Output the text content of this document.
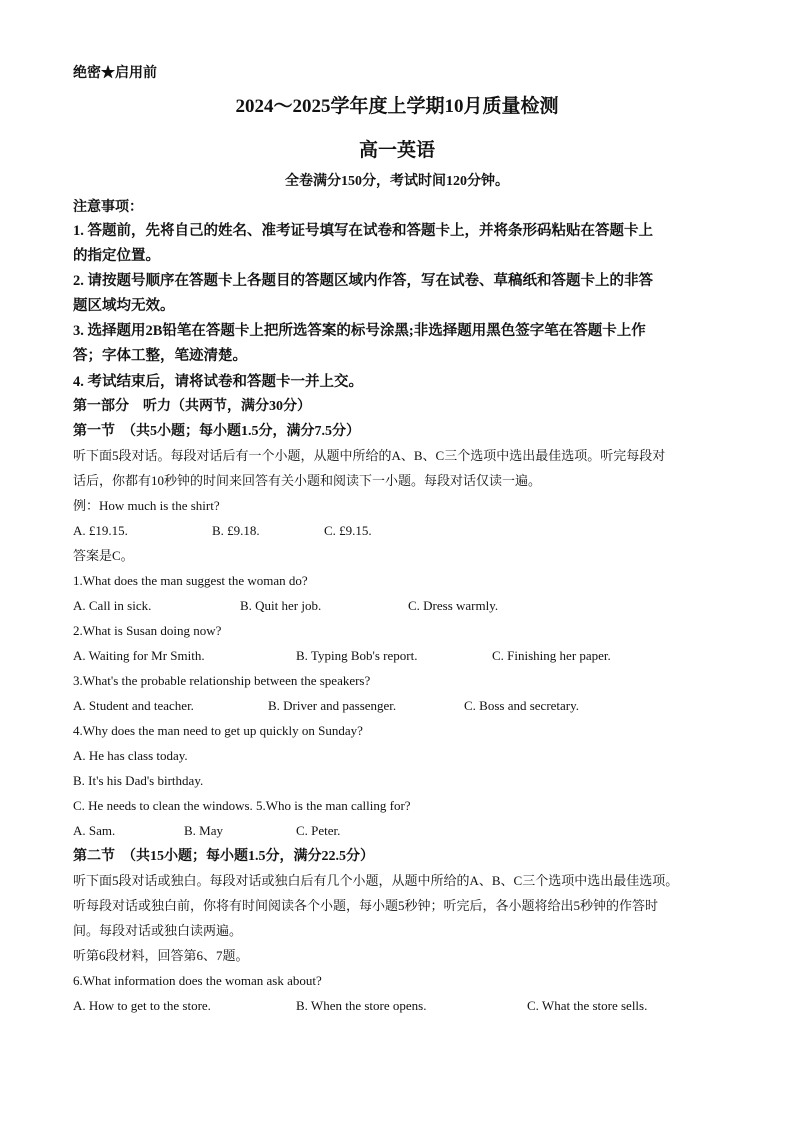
绝密★启用前
2024～2025学年度上学期10月质量检测
高一英语
全卷满分150分，考试时间120分钟。
注意事项：
1. 答题前，先将自己的姓名、准考证号填写在试卷和答题卡上，并将条形码粘贴在答题卡上
的指定位置。
2. 请按题号顺序在答题卡上各题目的答题区域内作答，写在试卷、草稿纸和答题卡上的非答
题区域均无效。
3. 选择题用2B铅笔在答题卡上把所选答案的标号涂黑;非选择题用黑色签字笔在答题卡上作
答；字体工整，笔迹清楚。
4. 考试结束后，请将试卷和答题卡一并上交。
第一部分　听力（共两节，满分30分）
第一节　（共5小题；每小题1.5分，满分7.5分）
听下面5段对话。每段对话后有一个小题，从题中所给的A、B、C三个选项中选出最佳选项。听完每段对
话后，你都有10秒钟的时间来回答有关小题和阅读下一小题。每段对话仅读一遍。
例：How much is the shirt?
A. £19.15.	B. £9.18.	C. £9.15.
答案是C。
1.What does the man suggest the woman do?
A. Call in sick.	B. Quit her job.	C. Dress warmly.
2.What is Susan doing now?
A. Waiting for Mr Smith.	B. Typing Bob's report.	C. Finishing her paper.
3.What's the probable relationship between the speakers?
A. Student and teacher.	B. Driver and passenger.	C. Boss and secretary.
4.Why does the man need to get up quickly on Sunday?
A. He has class today.
B. It's his Dad's birthday.
C. He needs to clean the windows. 5.Who is the man calling for?
A. Sam.	B. May	C. Peter.
第二节　（共15小题；每小题1.5分，满分22.5分）
听下面5段对话或独白。每段对话或独白后有几个小题，从题中所给的A、B、C三个选项中选出最佳选项。
听每段对话或独白前，你将有时间阅读各个小题，每小题5秒钟；听完后，各小题将给出5秒钟的作答时
间。每段对话或独白读两遍。
听第6段材料，回答第6、7题。
6.What information does the woman ask about?
A. How to get to the store.	B. When the store opens.	C. What the store sells.
